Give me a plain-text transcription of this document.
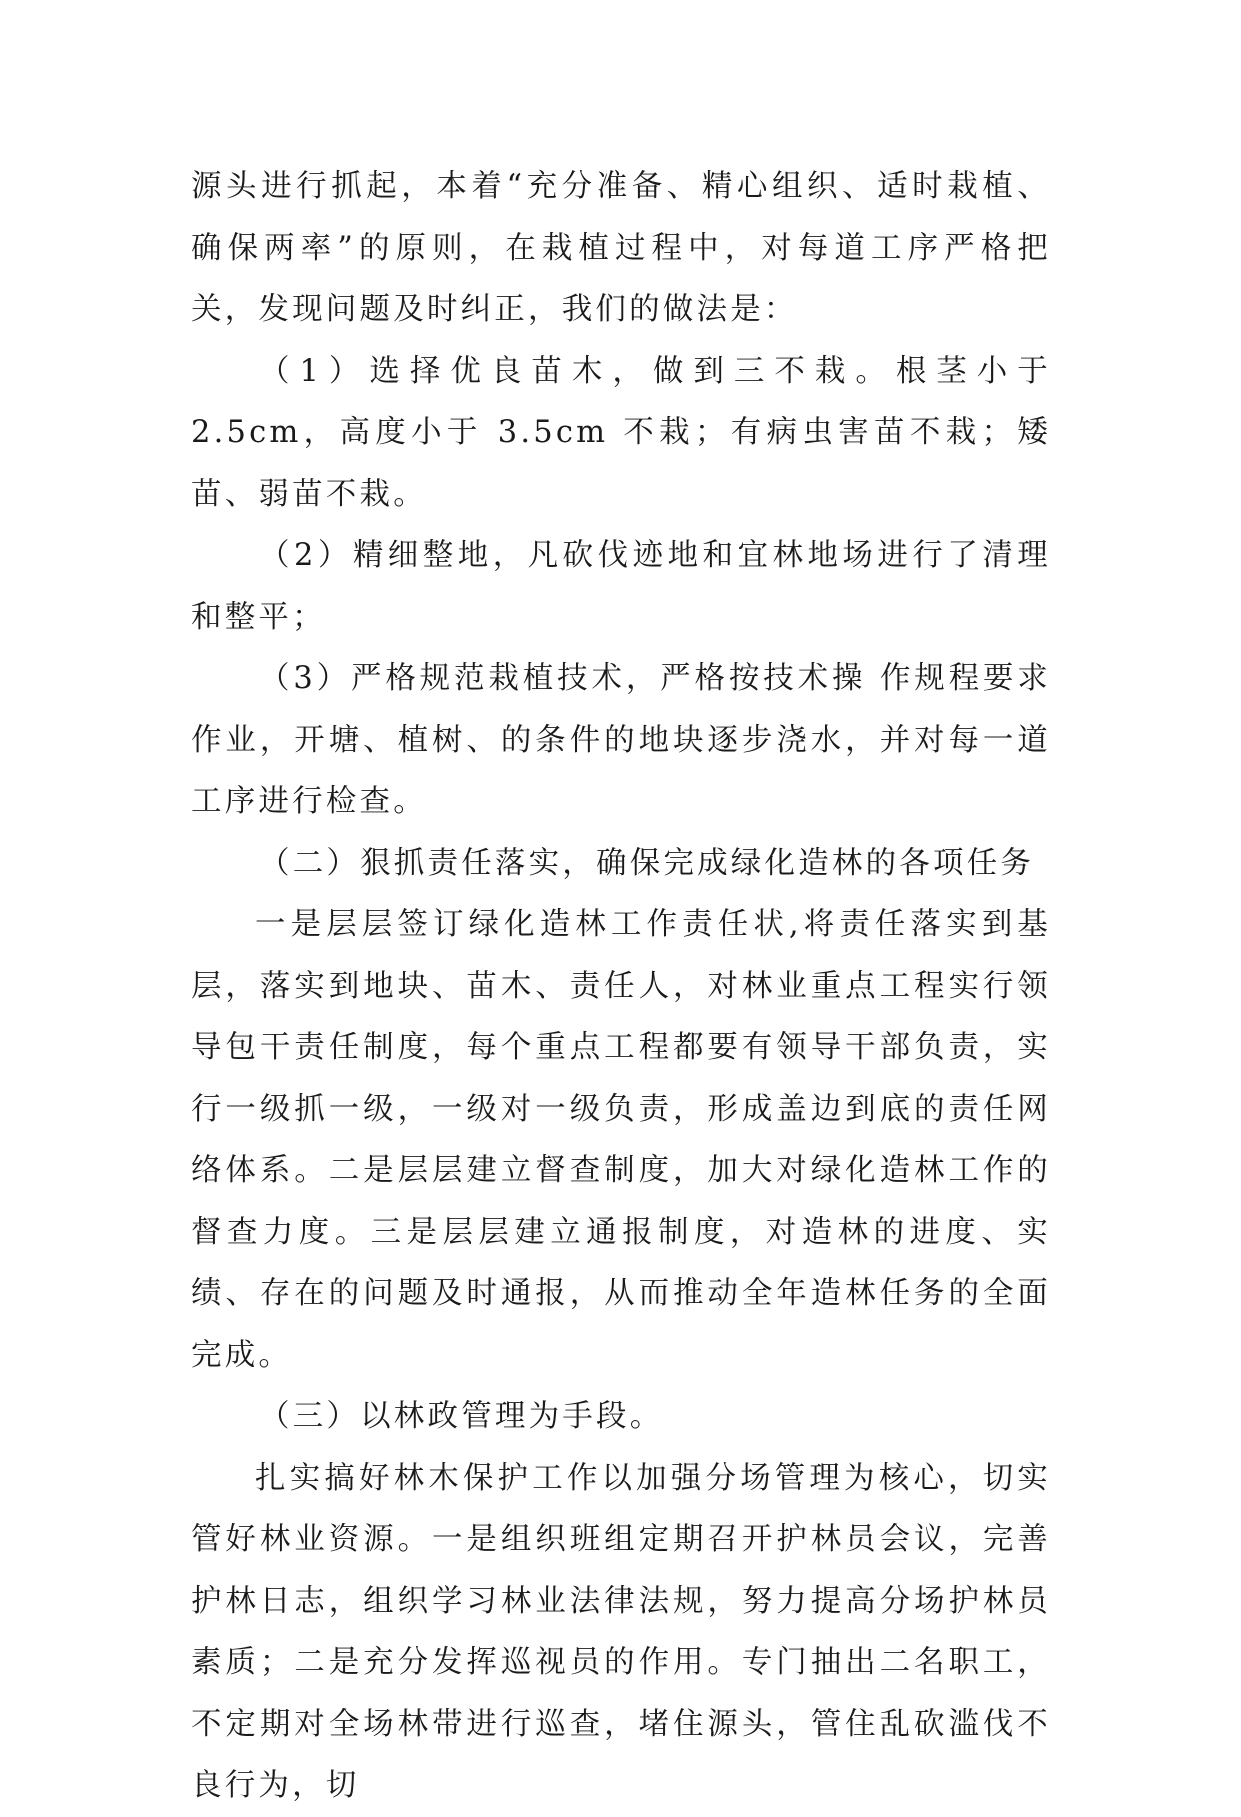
源头进行抓起，本着“充分准备、精心组织、适时栽植、确保两率”的原则，在栽植过程中，对每道工序严格把关，发现问题及时纠正，我们的做法是：

（1）选择优良苗木，做到三不栽。根茎小于 2.5cm，高度小于 3.5cm 不栽；有病虫害苗不栽；矮苗、弱苗不栽。

（2）精细整地，凡砍伐迹地和宜林地场进行了清理和整平；

（3）严格规范栽植技术，严格按技术操 作规程要求作业，开塘、植树、的条件的地块逐步浇水，并对每一道工序进行检查。

（二）狠抓责任落实，确保完成绿化造林的各项任务

一是层层签订绿化造林工作责任状,将责任落实到基层，落实到地块、苗木、责任人，对林业重点工程实行领导包干责任制度，每个重点工程都要有领导干部负责，实行一级抓一级，一级对一级负责，形成盖边到底的责任网络体系。二是层层建立督查制度，加大对绿化造林工作的督查力度。三是层层建立通报制度，对造林的进度、实绩、存在的问题及时通报，从而推动全年造林任务的全面完成。

（三）以林政管理为手段。

扎实搞好林木保护工作以加强分场管理为核心，切实管好林业资源。一是组织班组定期召开护林员会议，完善护林日志，组织学习林业法律法规，努力提高分场护林员素质；二是充分发挥巡视员的作用。专门抽出二名职工，不定期对全场林带进行巡查，堵住源头，管住乱砍滥伐不良行为，切
